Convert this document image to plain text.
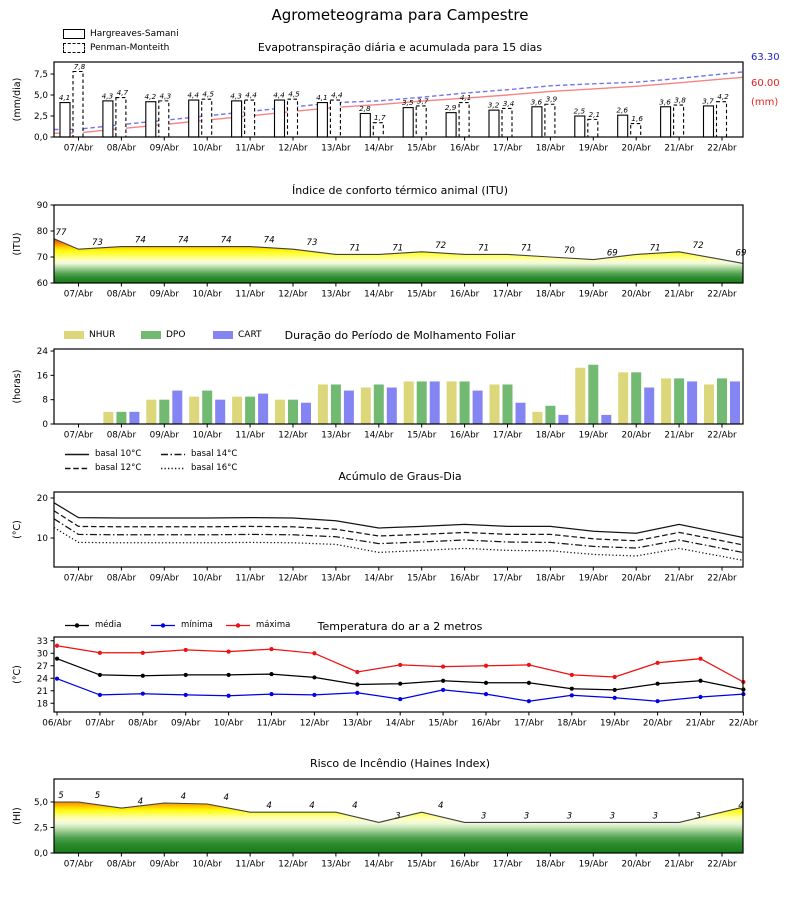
Agrometeograma para Campestre
Hargreaves-Samani
Penman-Monteith	Evapotranspiração diária e acumulada para 15 dias
63.30
60.00
(mm)
Índice de conforto térmico animal (ITU)
NHUR	DPO	CART	Duração do Período de Molhamento Foliar
basal 10°C	basal 14°C
basal 12°C	basal 16°C
Acúmulo de Graus-Dia
média	mínima	máxima	Temperatura do ar a 2 metros
Risco de Incêndio (Haines Index)
4,1	4,3	4,2	4,4	4,3	4,4	4,1
2,8
3,5
2,9	3,2	3,6
2,5	2,6
3,6	3,7
7,8
4,7	4,3	4,5	4,4	4,5	4,4
1,7
3,7	4,1
3,4	3,9
2,1	1,6
3,8	4,2
0,0
2,5
5,0
7,5
07/Abr 08/Abr 09/Abr 10/Abr 11/Abr 12/Abr 13/Abr 14/Abr 15/Abr 16/Abr 17/Abr 18/Abr 19/Abr 20/Abr 21/Abr 22/Abr
(mm/dia)
77
73	74	74	74	74	73
71	71	72	71	71	70	69
71	72
69
60
70
80
90
07/Abr 08/Abr 09/Abr 10/Abr 11/Abr 12/Abr 13/Abr 14/Abr 15/Abr 16/Abr 17/Abr 18/Abr 19/Abr 20/Abr 21/Abr 22/Abr
(ITU)
0
8
16
24
07/Abr 08/Abr 09/Abr 10/Abr 11/Abr 12/Abr 13/Abr 14/Abr 15/Abr 16/Abr 17/Abr 18/Abr 19/Abr 20/Abr 21/Abr 22/Abr
(horas)
10
20
07/Abr 08/Abr 09/Abr 10/Abr 11/Abr 12/Abr 13/Abr 14/Abr 15/Abr 16/Abr 17/Abr 18/Abr 19/Abr 20/Abr 21/Abr 22/Abr
(°C)
18
21
24
27
30
33
06/Abr 07/Abr 08/Abr 09/Abr 10/Abr 11/Abr 12/Abr 13/Abr 14/Abr 15/Abr 16/Abr 17/Abr 18/Abr 19/Abr 20/Abr 21/Abr 22/Abr
(°C)
5	5
4
4	4
4	4	4
3
4
3	3	3	3	3	3
4
0,0
2,5
5,0
07/Abr 08/Abr 09/Abr 10/Abr 11/Abr 12/Abr 13/Abr 14/Abr 15/Abr 16/Abr 17/Abr 18/Abr 19/Abr 20/Abr 21/Abr 22/Abr
(HI)
